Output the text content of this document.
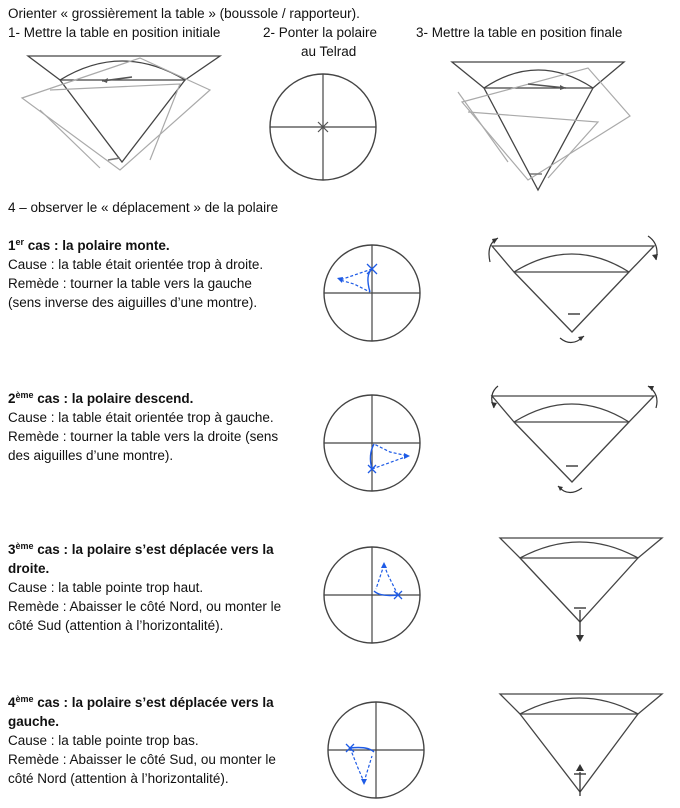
Orienter « grossièrement la table » (boussole / rapporteur).
1- Mettre la table en position initiale	2- Ponter la polaire
au Telrad
3- Mettre la table en position finale
4 – observer le « déplacement » de la polaire
1er cas : la polaire monte.
Cause : la table était orientée trop à droite.
Remède : tourner la table vers la gauche
(sens inverse des aiguilles d’une montre).
2ème cas : la polaire descend.
Cause : la table était orientée trop à gauche.
Remède : tourner la table vers la droite (sens
des aiguilles d’une montre).
3ème cas : la polaire s’est déplacée vers la
droite.
Cause : la table pointe trop haut.
Remède : Abaisser le côté Nord, ou monter le
côté Sud (attention à l’horizontalité).
4ème cas : la polaire s’est déplacée vers la
gauche.
Cause : la table pointe trop bas.
Remède : Abaisser le côté Sud, ou monter le
côté Nord (attention à l’horizontalité).
